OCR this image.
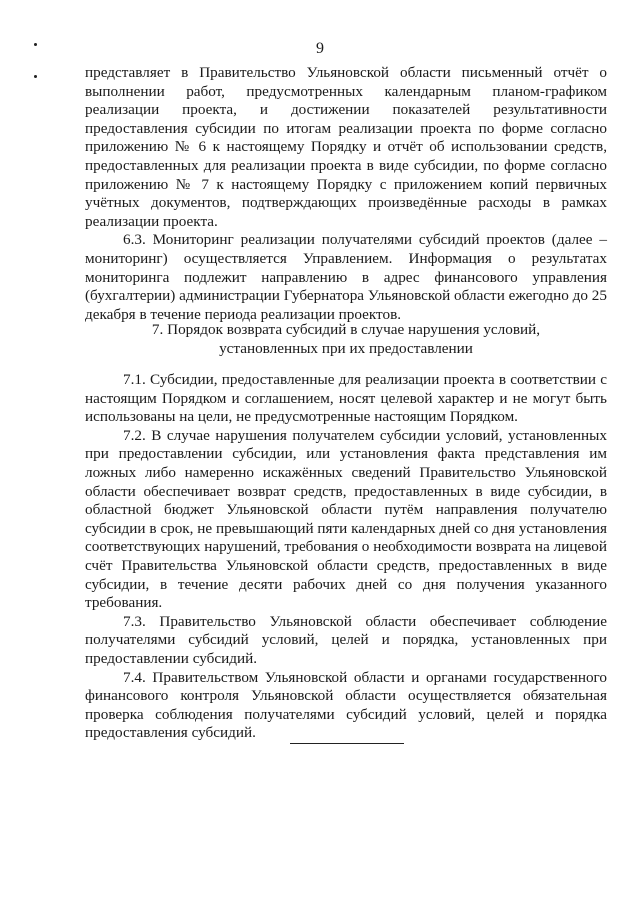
9

представляет в Правительство Ульяновской области письменный отчёт о выполнении работ, предусмотренных календарным планом-графиком реализации проекта, и достижении показателей результативности предоставления субсидии по итогам реализации проекта по форме согласно приложению № 6 к настоящему Порядку и отчёт об использовании средств, предоставленных для реализации проекта в виде субсидии, по форме согласно приложению № 7 к настоящему Порядку с приложением копий первичных учётных документов, подтверждающих произведённые расходы в рамках реализации проекта.

6.3. Мониторинг реализации получателями субсидий проектов (далее – мониторинг) осуществляется Управлением. Информация о результатах мониторинга подлежит направлению в адрес финансового управления (бухгалтерии) администрации Губернатора Ульяновской области ежегодно до 25 декабря в течение периода реализации проектов.

7. Порядок возврата субсидий в случае нарушения условий,
установленных при их предоставлении

7.1. Субсидии, предоставленные для реализации проекта в соответствии с настоящим Порядком и соглашением, носят целевой характер и не могут быть использованы на цели, не предусмотренные настоящим Порядком.

7.2. В случае нарушения получателем субсидии условий, установленных при предоставлении субсидии, или установления факта представления им ложных либо намеренно искажённых сведений Правительство Ульяновской области обеспечивает возврат средств, предоставленных в виде субсидии, в областной бюджет Ульяновской области путём направления получателю субсидии в срок, не превышающий пяти календарных дней со дня установления соответствующих нарушений, требования о необходимости возврата на лицевой счёт Правительства Ульяновской области средств, предоставленных в виде субсидии, в течение десяти рабочих дней со дня получения указанного требования.

7.3. Правительство Ульяновской области обеспечивает соблюдение получателями субсидий условий, целей и порядка, установленных при предоставлении субсидий.

7.4. Правительством Ульяновской области и органами государственного финансового контроля Ульяновской области осуществляется обязательная проверка соблюдения получателями субсидий условий, целей и порядка предоставления субсидий.
